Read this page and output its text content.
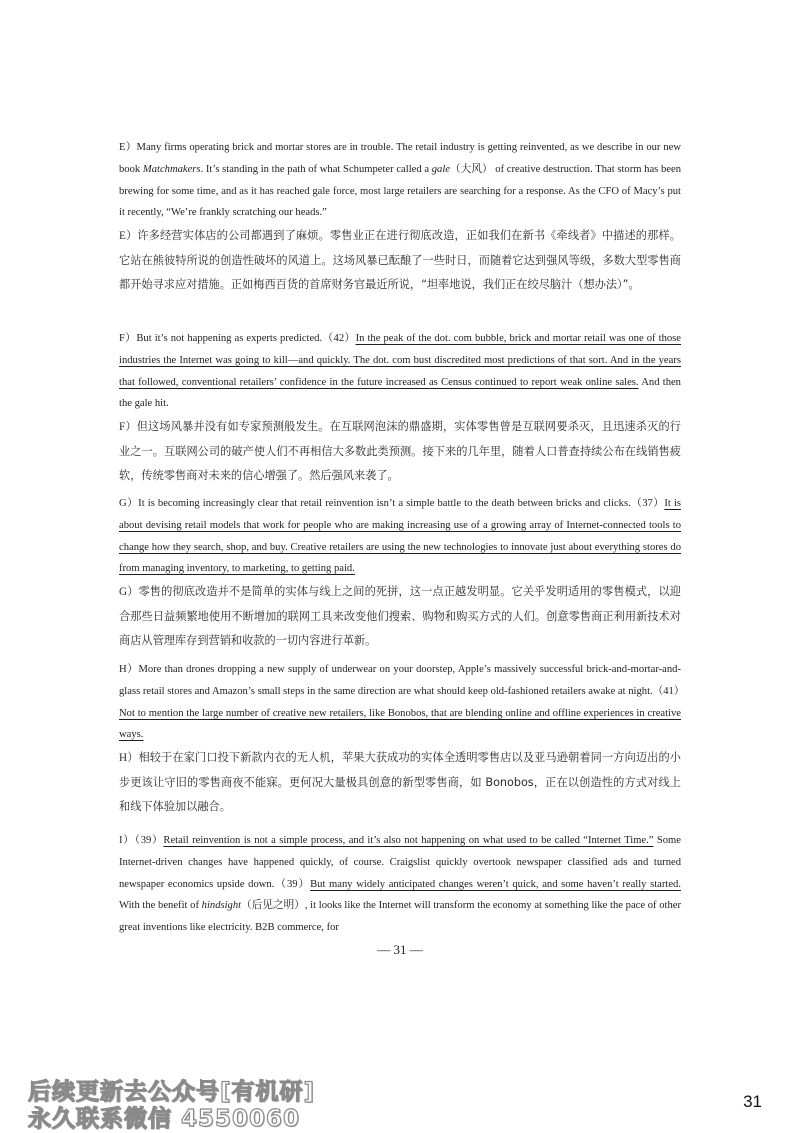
E）Many firms operating brick and mortar stores are in trouble. The retail industry is getting reinvented, as we describe in our new book Matchmakers. It’s standing in the path of what Schumpeter called a gale（大风） of creative destruction. That storm has been brewing for some time, and as it has reached gale force, most large retailers are searching for a response. As the CFO of Macy’s put it recently, “We’re frankly scratching our heads.”

E）许多经营实体店的公司都遇到了麻烦。零售业正在进行彻底改造，正如我们在新书《牵线者》中描述的那样。它站在熊彼特所说的创造性破坏的风道上。这场风暴已酝酿了一些时日，而随着它达到强风等级，多数大型零售商都开始寻求应对措施。正如梅西百货的首席财务官最近所说，“坦率地说，我们正在绞尽脑汁（想办法）”。

F）But it’s not happening as experts predicted.（42）In the peak of the dot. com bubble, brick and mortar retail was one of those industries the Internet was going to kill—and quickly. The dot. com bust discredited most predictions of that sort. And in the years that followed, conventional retailers’ confidence in the future increased as Census continued to report weak online sales. And then the gale hit.

F）但这场风暴并没有如专家预测般发生。在互联网泡沫的鼎盛期，实体零售曾是互联网要杀灭，且迅速杀灭的行业之一。互联网公司的破产使人们不再相信大多数此类预测。接下来的几年里，随着人口普查持续公布在线销售疲软，传统零售商对未来的信心增强了。然后强风来袭了。

G）It is becoming increasingly clear that retail reinvention isn’t a simple battle to the death between bricks and clicks.（37）It is about devising retail models that work for people who are making increasing use of a growing array of Internet-connected tools to change how they search, shop, and buy. Creative retailers are using the new technologies to innovate just about everything stores do from managing inventory, to marketing, to getting paid.

G）零售的彻底改造并不是简单的实体与线上之间的死拼，这一点正越发明显。它关乎发明适用的零售模式，以迎合那些日益频繁地使用不断增加的联网工具来改变他们搜索、购物和购买方式的人们。创意零售商正利用新技术对商店从管理库存到营销和收款的一切内容进行革新。

H）More than drones dropping a new supply of underwear on your doorstep, Apple’s massively successful brick-and-mortar-and-glass retail stores and Amazon’s small steps in the same direction are what should keep old-fashioned retailers awake at night.（41）Not to mention the large number of creative new retailers, like Bonobos, that are blending online and offline experiences in creative ways.

H）相较于在家门口投下新款内衣的无人机，苹果大获成功的实体全透明零售店以及亚马逊朝着同一方向迈出的小步更该让守旧的零售商夜不能寐。更何况大量极具创意的新型零售商，如 Bonobos，正在以创造性的方式对线上和线下体验加以融合。

I）（39）Retail reinvention is not a simple process, and it’s also not happening on what used to be called “Internet Time.” Some Internet-driven changes have happened quickly, of course. Craigslist quickly overtook newspaper classified ads and turned newspaper economics upside down.（39）But many widely anticipated changes weren’t quick, and some haven’t really started. With the benefit of hindsight（后见之明）, it looks like the Internet will transform the economy at something like the pace of other great inventions like electricity. B2B commerce, for

— 31 —
后续更新去公众号[有机研]
永久联系微信 4550060
31
